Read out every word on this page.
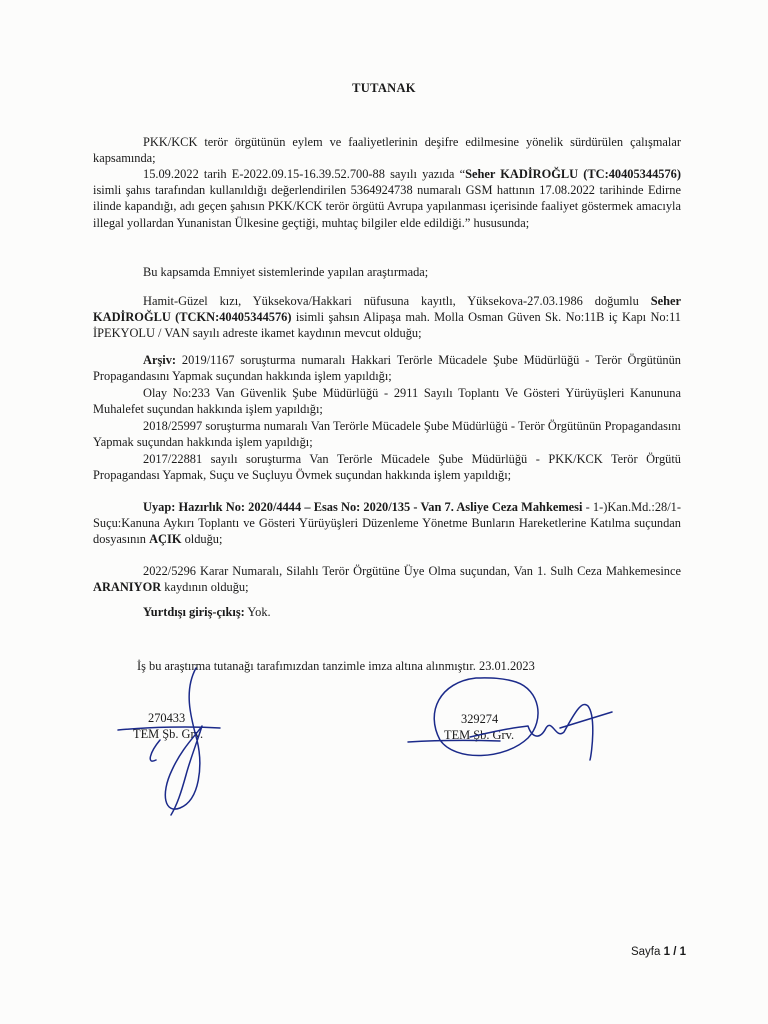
TUTANAK
PKK/KCK terör örgütünün eylem ve faaliyetlerinin deşifre edilmesine yönelik sürdürülen çalışmalar kapsamında;
15.09.2022 tarih E-2022.09.15-16.39.52.700-88 sayılı yazıda “Seher KADİROĞLU (TC:40405344576) isimli şahıs tarafından kullanıldığı değerlendirilen 5364924738 numaralı GSM hattının 17.08.2022 tarihinde Edirne ilinde kapandığı, adı geçen şahısın PKK/KCK terör örgütü Avrupa yapılanması içerisinde faaliyet göstermek amacıyla illegal yollardan Yunanistan Ülkesine geçtiği, muhtaç bilgiler elde edildiği.” hususunda;
Bu kapsamda Emniyet sistemlerinde yapılan araştırmada;
Hamit-Güzel kızı, Yüksekova/Hakkari nüfusuna kayıtlı, Yüksekova-27.03.1986 doğumlu Seher KADİROĞLU (TCKN:40405344576) isimli şahsın Alipaşa mah. Molla Osman Güven Sk. No:11B iç Kapı No:11 İPEKYOLU / VAN sayılı adreste ikamet kaydının mevcut olduğu;
Arşiv: 2019/1167 soruşturma numaralı Hakkari Terörle Mücadele Şube Müdürlüğü - Terör Örgütünün Propagandasını Yapmak suçundan hakkında işlem yapıldığı;
Olay No:233 Van Güvenlik Şube Müdürlüğü - 2911 Sayılı Toplantı Ve Gösteri Yürüyüşleri Kanununa Muhalefet suçundan hakkında işlem yapıldığı;
2018/25997 soruşturma numaralı Van Terörle Mücadele Şube Müdürlüğü - Terör Örgütünün Propagandasını Yapmak suçundan hakkında işlem yapıldığı;
2017/22881 sayılı soruşturma Van Terörle Mücadele Şube Müdürlüğü - PKK/KCK Terör Örgütü Propagandası Yapmak, Suçu ve Suçluyu Övmek suçundan hakkında işlem yapıldığı;
Uyap: Hazırlık No: 2020/4444 – Esas No: 2020/135 - Van 7. Asliye Ceza Mahkemesi - 1-)Kan.Md.:28/1-Suçu:Kanuna Aykırı Toplantı ve Gösteri Yürüyüşleri Düzenleme Yönetme Bunların Hareketlerine Katılma suçundan dosyasının AÇIK olduğu;
2022/5296 Karar Numaralı, Silahlı Terör Örgütüne Üye Olma suçundan, Van 1. Sulh Ceza Mahkemesince ARANIYOR kaydının olduğu;
Yurtdışı giriş-çıkış: Yok.
İş bu araştırma tutanağı tarafımızdan tanzimle imza altına alınmıştır. 23.01.2023
270433
TEM Şb. Grv.
329274
TEM Şb. Grv.
Sayfa 1 / 1
